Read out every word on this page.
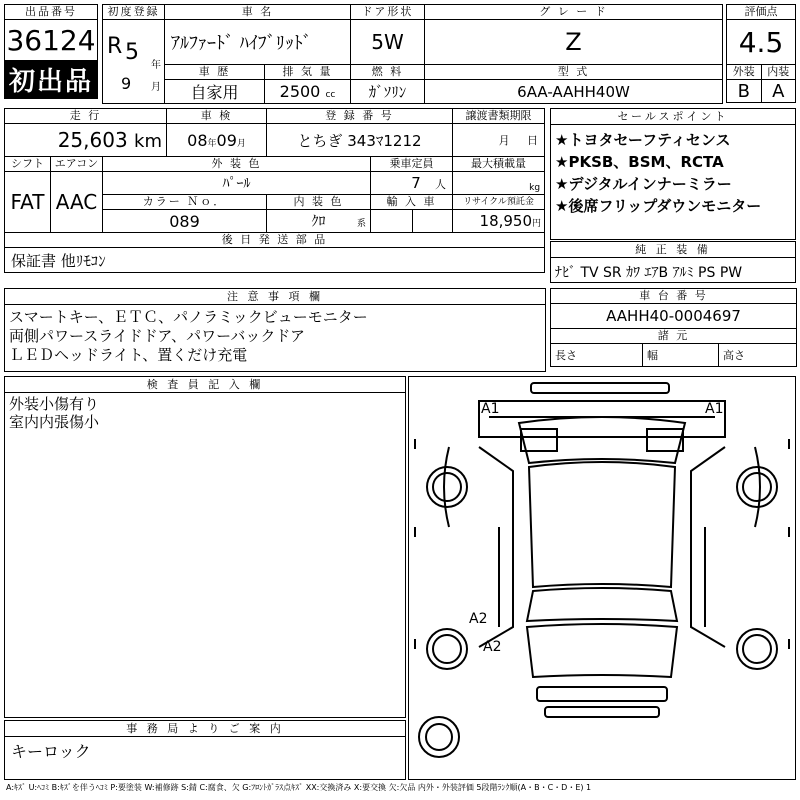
出品番号
36124
初出品
初度登録	車 名		ドア形状	グ レ ー ド

R 5
年
9 月	ｱﾙﾌｧｰﾄﾞ ﾊｲﾌﾞﾘｯﾄﾞ		5W	Z
	車 歴	排 気 量	燃 料	型 式
	自家用	2500 cc	ｶﾞｿﾘﾝ	6AA-AAHH40W
評価点	
4.5	
外装	内装
B	A
走 行			車 検	登 録 番 号			譲渡書類期限
25,603 km			08年09月	とちぎ 343ﾏ1212			月 日
シフト	エアコン	外 装 色			乗車定員		最大積載量
FAT	AAC	ﾊﾟｰﾙ			7 人		kg
		カラー Ｎｏ．		内 装 色	輸 入 車		リサイクル預託金
		089		ｸﾛ 系			18,950円
後 日 発 送 部 品							
保証書 他ﾘﾓｺﾝ							
セールスポイント
★トヨタセーフティセンス
★PKSB、BSM、RCTA
★デジタルインナーミラー
★後席フリップダウンモニター
純 正 装 備
ﾅﾋﾞ TV SR ｶﾜ ｴｱB ｱﾙﾐ PS PW
注 意 事 項 欄
スマートキー、ＥＴＣ、パノラミックビューモニター
両側パワースライドドア、パワーバックドア
ＬＥＤヘッドライト、置くだけ充電
車 台 番 号
AAHH40-0004697
諸 元
長さ	幅	高さ
検 査 員 記 入 欄
外装小傷有り
室内内張傷小
事 務 局 よ り ご 案 内
キーロック
A1	A1
A2
A2
A:ｷｽﾞ U:ﾍｺﾐ B:ｷｽﾞを伴うﾍｺﾐ P:要塗装 W:補修跡 S:錆 C:腐食、欠 G:ﾌﾛﾝﾄｶﾞﾗｽ点ｷｽﾞ XX:交換済み X:要交換 欠:欠品 内外・外装評価 5段階ﾗﾝｸ順(A・B・C・D・E) 1
